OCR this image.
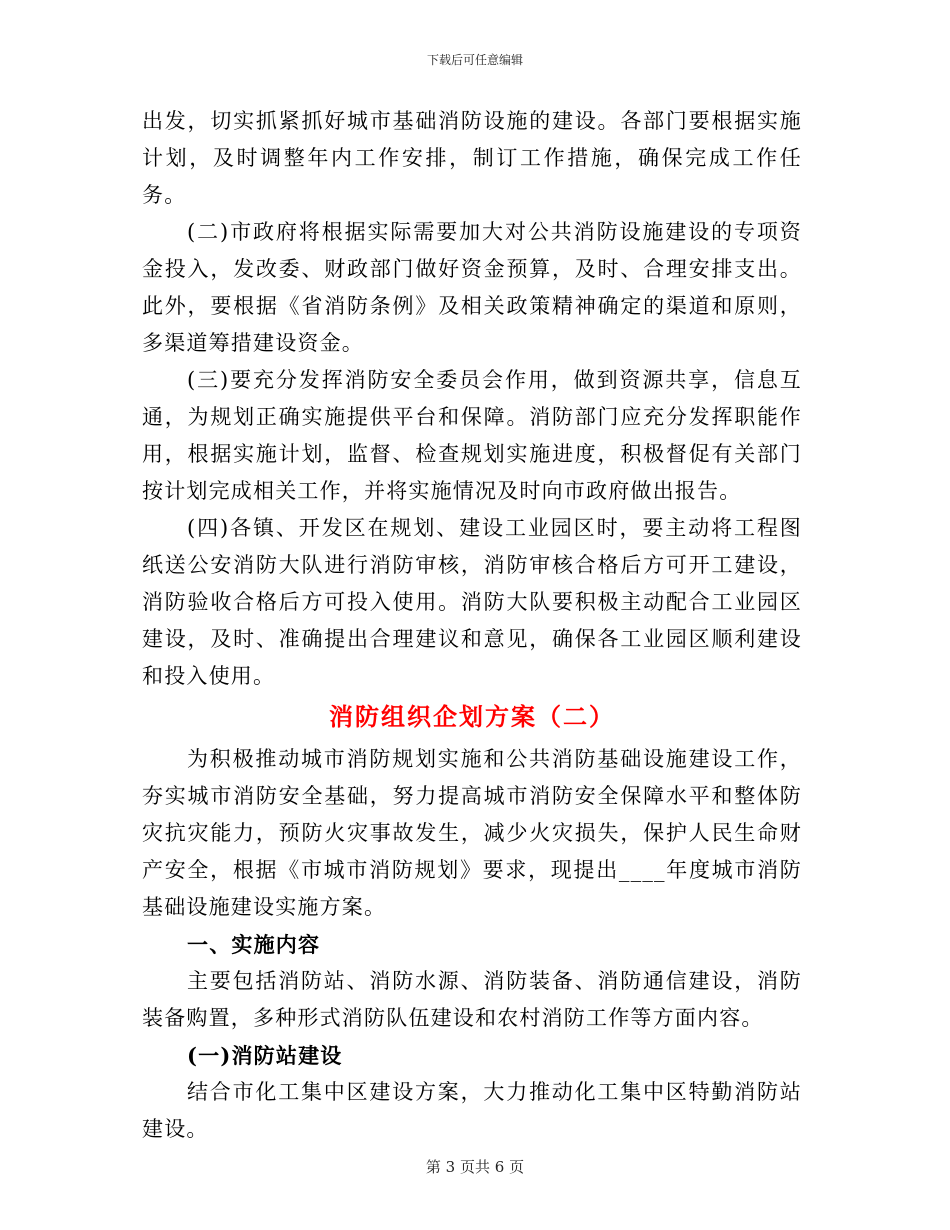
下载后可任意编辑

出发，切实抓紧抓好城市基础消防设施的建设。各部门要根据实施计划，及时调整年内工作安排，制订工作措施，确保完成工作任务。

(二)市政府将根据实际需要加大对公共消防设施建设的专项资金投入，发改委、财政部门做好资金预算，及时、合理安排支出。此外，要根据《省消防条例》及相关政策精神确定的渠道和原则，多渠道筹措建设资金。

(三)要充分发挥消防安全委员会作用，做到资源共享，信息互通，为规划正确实施提供平台和保障。消防部门应充分发挥职能作用，根据实施计划，监督、检查规划实施进度，积极督促有关部门按计划完成相关工作，并将实施情况及时向市政府做出报告。

(四)各镇、开发区在规划、建设工业园区时，要主动将工程图纸送公安消防大队进行消防审核，消防审核合格后方可开工建设，消防验收合格后方可投入使用。消防大队要积极主动配合工业园区建设，及时、准确提出合理建议和意见，确保各工业园区顺利建设和投入使用。

消防组织企划方案（二）

为积极推动城市消防规划实施和公共消防基础设施建设工作，夯实城市消防安全基础，努力提高城市消防安全保障水平和整体防灾抗灾能力，预防火灾事故发生，减少火灾损失，保护人民生命财产安全，根据《市城市消防规划》要求，现提出____年度城市消防基础设施建设实施方案。

一、实施内容

主要包括消防站、消防水源、消防装备、消防通信建设，消防装备购置，多种形式消防队伍建设和农村消防工作等方面内容。

(一)消防站建设

结合市化工集中区建设方案，大力推动化工集中区特勤消防站建设。

第 3 页共 6 页
